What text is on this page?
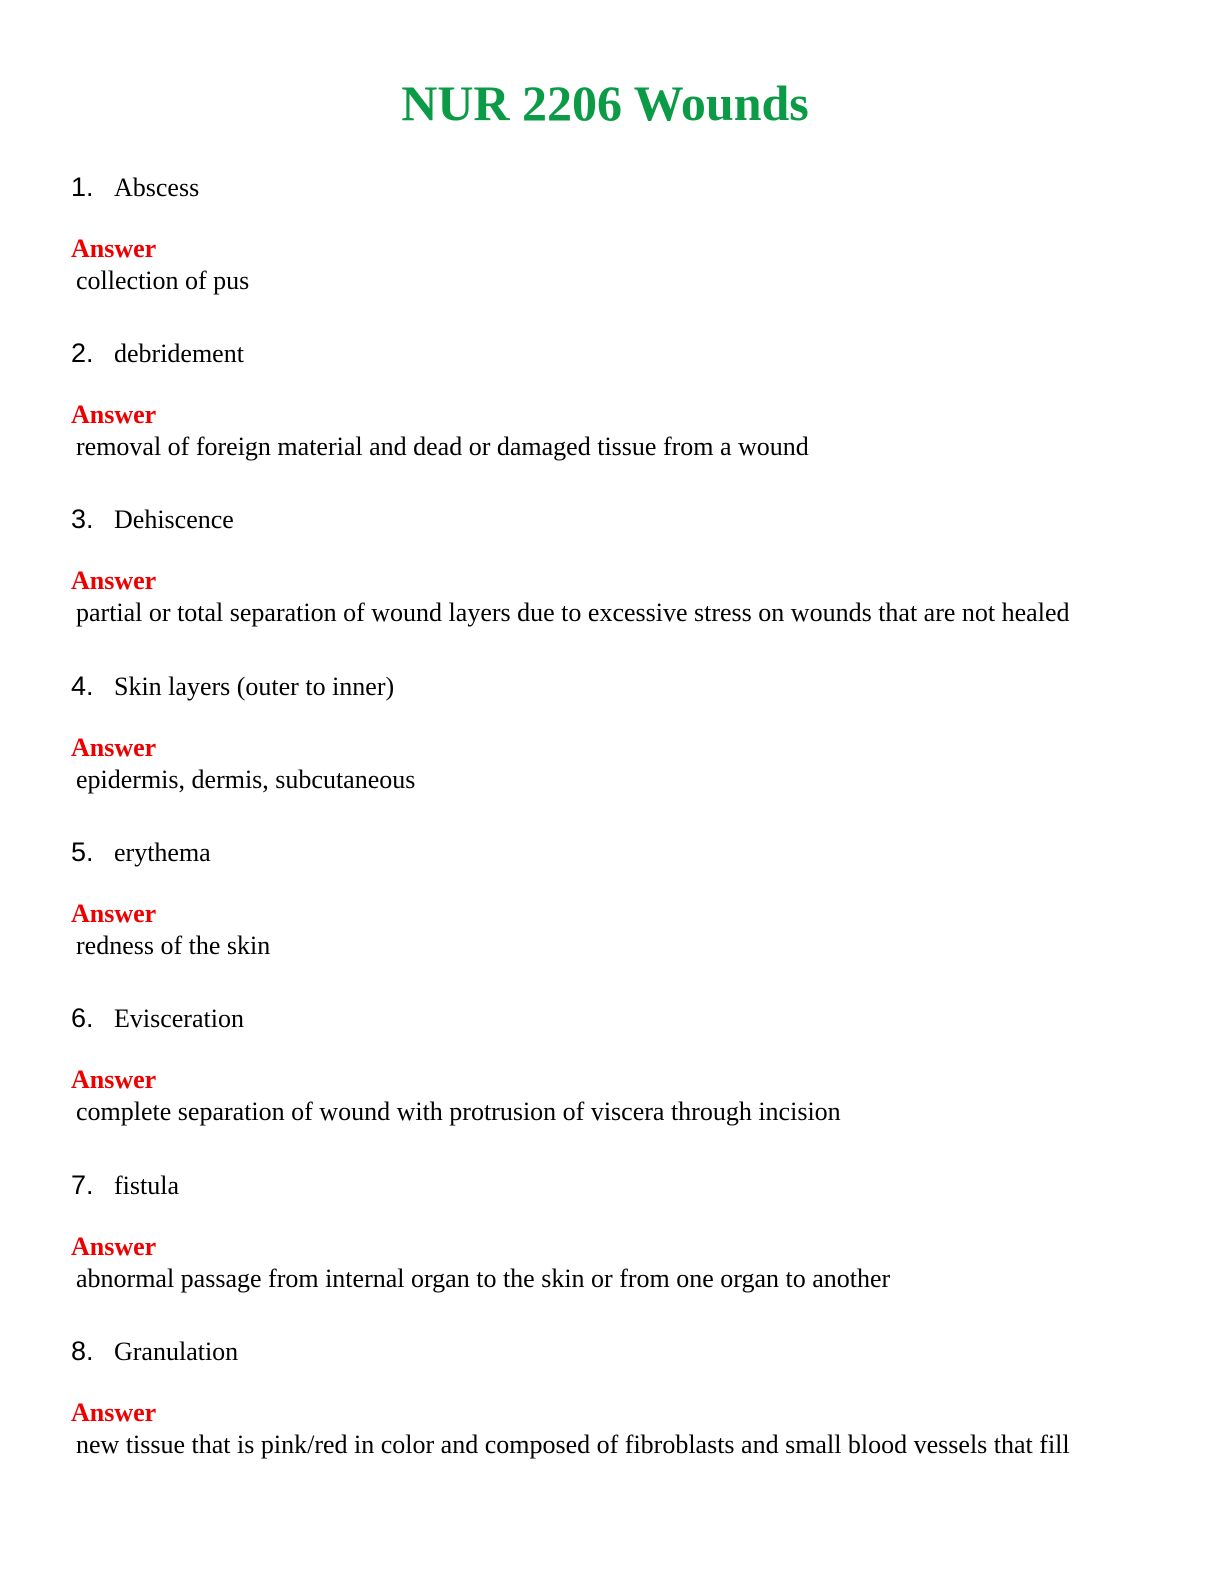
NUR 2206 Wounds
1. Abscess
Answer
collection of pus
2. debridement
Answer
removal of foreign material and dead or damaged tissue from a wound
3. Dehiscence
Answer
partial or total separation of wound layers due to excessive stress on wounds that are not healed
4. Skin layers (outer to inner)
Answer
epidermis, dermis, subcutaneous
5. erythema
Answer
redness of the skin
6. Evisceration
Answer
complete separation of wound with protrusion of viscera through incision
7. fistula
Answer
abnormal passage from internal organ to the skin or from one organ to another
8. Granulation
Answer
new tissue that is pink/red in color and composed of fibroblasts and small blood vessels that fill
